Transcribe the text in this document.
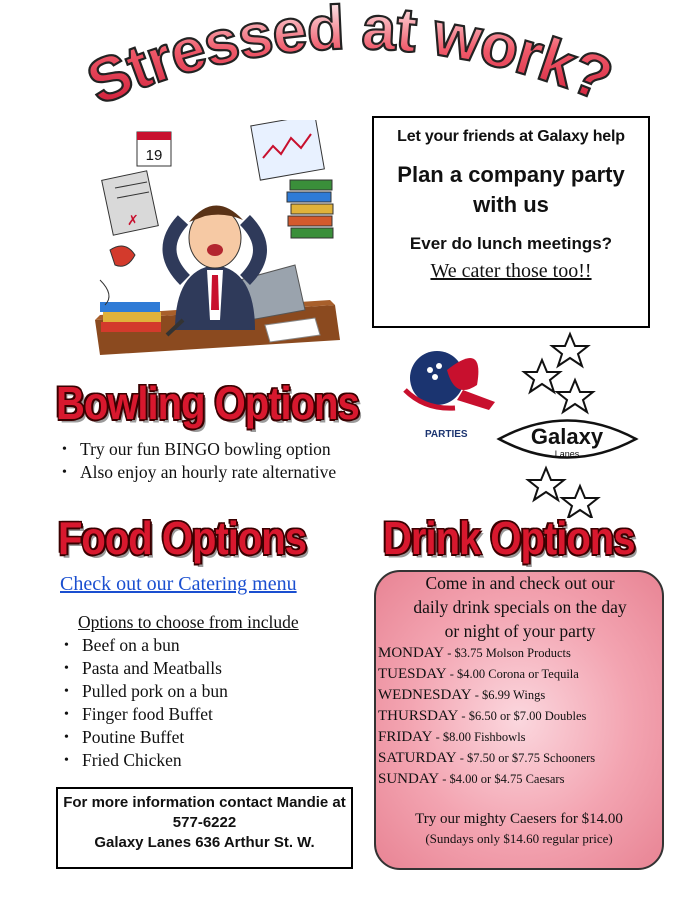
Stressed at work?
19
✗
Let your friends at Galaxy help
Plan a company party
with us
Ever do lunch meetings?
We cater those too!!
PARTIES	Galaxy
Lanes
Bowling Options
• Try our fun BINGO bowling option
• Also enjoy an hourly rate alternative
Food Options
Check out our Catering menu
Options to choose from include
• Beef on a bun
• Pasta and Meatballs
• Pulled pork on a bun
• Finger food Buffet
• Poutine Buffet
• Fried Chicken
For more information contact Mandie at
577-6222
Galaxy Lanes 636 Arthur St. W.
Drink Options
Come in and check out our
daily drink specials on the day
or night of your party
MONDAY - $3.75 Molson Products
TUESDAY - $4.00 Corona or Tequila
WEDNESDAY - $6.99 Wings
THURSDAY - $6.50 or $7.00 Doubles
FRIDAY - $8.00 Fishbowls
SATURDAY - $7.50 or $7.75 Schooners
SUNDAY - $4.00 or $4.75 Caesars
Try our mighty Caesers for $14.00
(Sundays only $14.60 regular price)
